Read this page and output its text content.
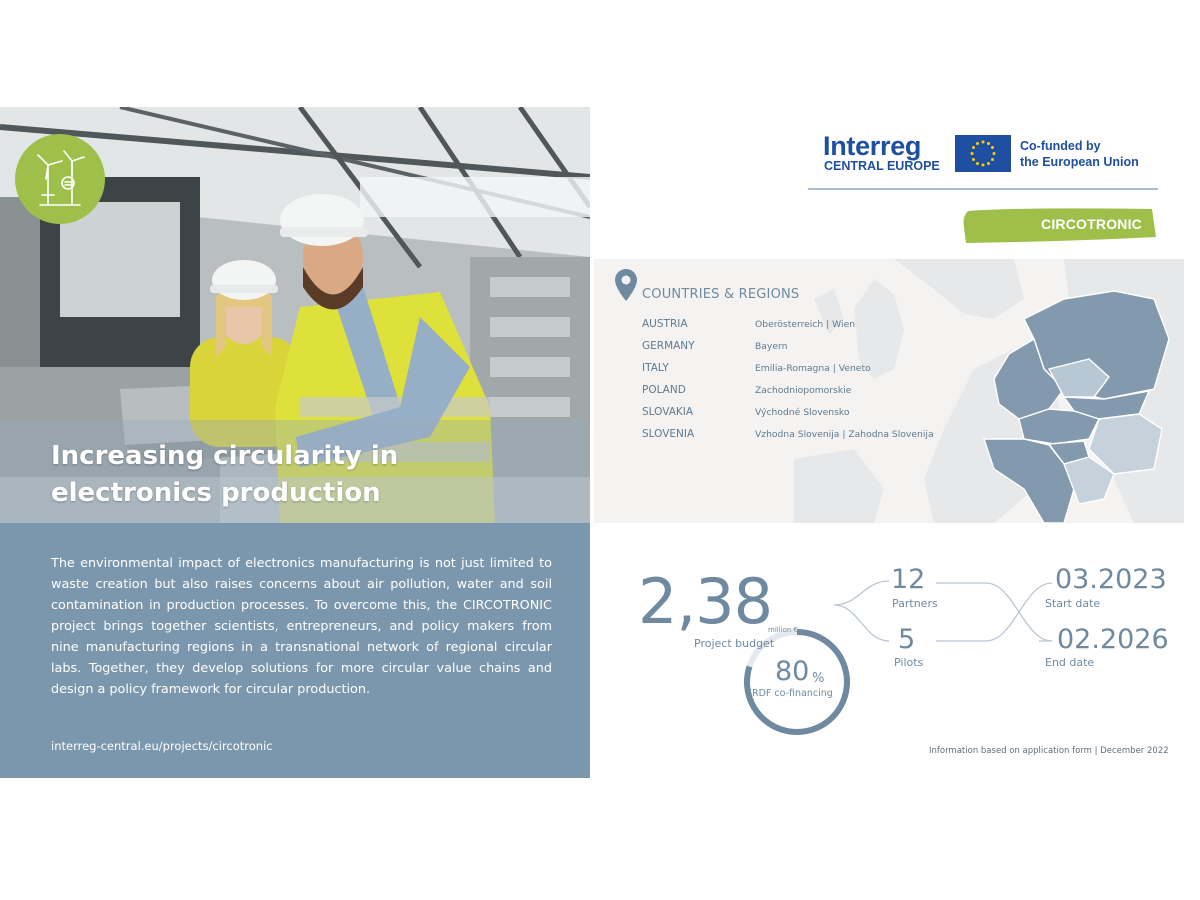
Increasing circularity in
electronics production

The environmental impact of electronics manufacturing is not just limited to waste creation but also raises concerns about air pollution, water and soil contamination in production processes. To overcome this, the CIRCOTRONIC project brings together scientists, entrepreneurs, and policy makers from nine manufacturing regions in a transnational network of regional circular labs. Together, they develop solutions for more circular value chains and design a policy framework for circular production.

interreg-central.eu/projects/circotronic
Interreg
CENTRAL EUROPE
Co-funded by
the European Union
CIRCOTRONIC
COUNTRIES & REGIONS
AUSTRIA	Oberösterreich | Wien
GERMANY	Bayern
ITALY	Emilia-Romagna | Veneto
POLAND	Zachodniopomorskie
SLOVAKIA	Východné Slovensko
SLOVENIA	Vzhodna Slovenija | Zahodna Slovenija
2,38
million €
Project budget
80 %
ERDF co-financing
12
Partners
5
Pilots
03.2023
Start date
02.2026
End date
Information based on application form | December 2022
